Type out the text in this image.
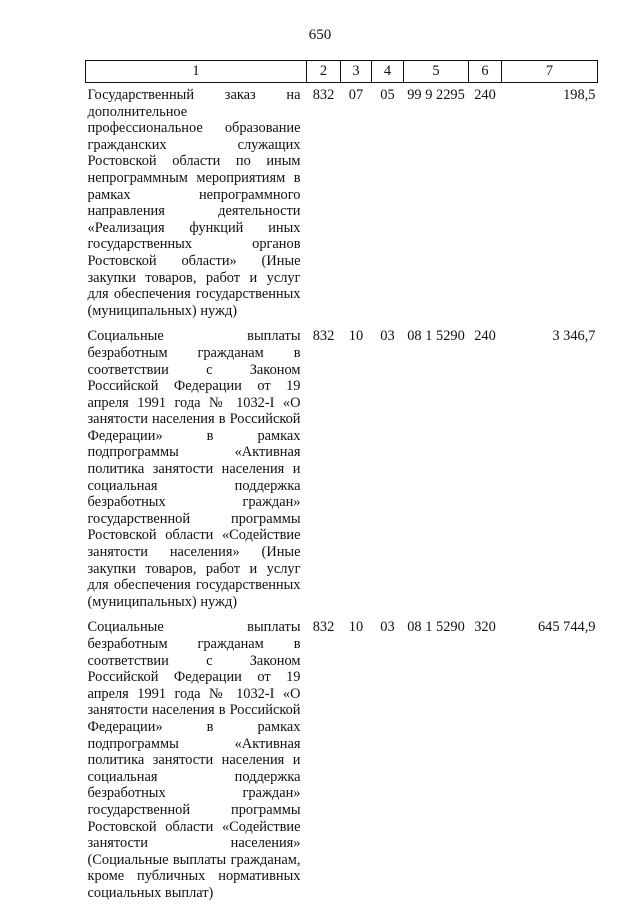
650
1	2	3	4	5	6	7
Государственный заказ на дополнительное профессиональное образование гражданских служащих Ростовской области по иным непрограммным мероприятиям в рамках непрограммного направления деятельности «Реализация функций иных государственных органов Ростовской области» (Иные закупки товаров, работ и услуг для обеспечения государственных (муниципальных) нужд)	832	07	05	99 9 2295	240	198,5
Социальные выплаты безработным гражданам в соответствии с Законом Российской Федерации от 19 апреля 1991 года № 1032-I «О занятости населения в Российской Федерации» в рамках подпрограммы «Активная политика занятости населения и социальная поддержка безработных граждан» государственной программы Ростовской области «Содействие занятости населения» (Иные закупки товаров, работ и услуг для обеспечения государственных (муниципальных) нужд)	832	10	03	08 1 5290	240	3 346,7
Социальные выплаты безработным гражданам в соответствии с Законом Российской Федерации от 19 апреля 1991 года № 1032-I «О занятости населения в Российской Федерации» в рамках подпрограммы «Активная политика занятости населения и социальная поддержка безработных граждан» государственной программы Ростовской области «Содействие занятости населения» (Социальные выплаты гражданам, кроме публичных нормативных социальных выплат)	832	10	03	08 1 5290	320	645 744,9
